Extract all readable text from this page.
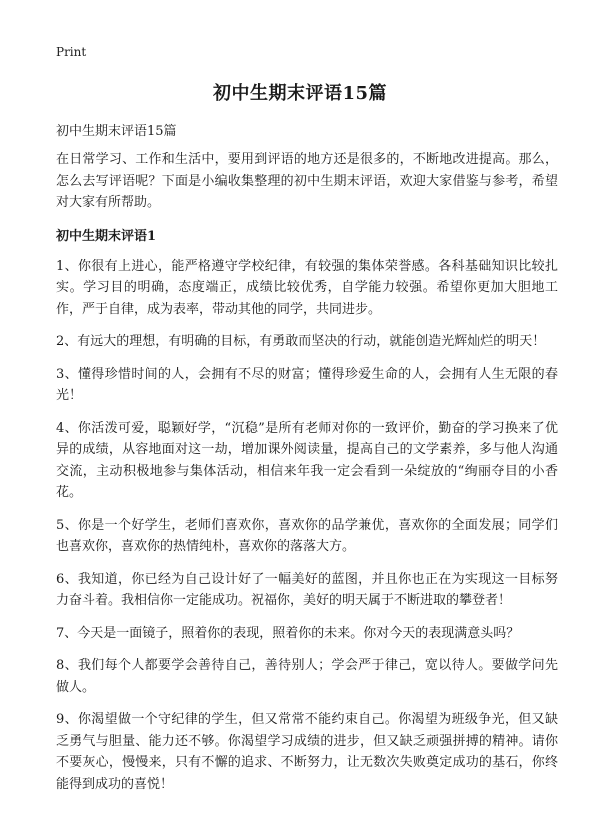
Print
初中生期末评语15篇

初中生期末评语15篇

在日常学习、工作和生活中，要用到评语的地方还是很多的，不断地改进提高。那么，怎么去写评语呢？下面是小编收集整理的初中生期末评语，欢迎大家借鉴与参考，希望对大家有所帮助。

初中生期末评语1

1、你很有上进心，能严格遵守学校纪律，有较强的集体荣誉感。各科基础知识比较扎实。学习目的明确，态度端正，成绩比较优秀，自学能力较强。希望你更加大胆地工作，严于自律，成为表率，带动其他的同学，共同进步。

2、有远大的理想，有明确的目标，有勇敢而坚决的行动，就能创造光辉灿烂的明天！

3、懂得珍惜时间的人，会拥有不尽的财富；懂得珍爱生命的人，会拥有人生无限的春光！

4、你活泼可爱，聪颖好学，“沉稳”是所有老师对你的一致评价，勤奋的学习换来了优异的成绩，从容地面对这一劫，增加课外阅读量，提高自己的文学素养，多与他人沟通交流，主动积极地参与集体活动，相信来年我一定会看到一朵绽放的“绚丽夺目的小香花。

5、你是一个好学生，老师们喜欢你，喜欢你的品学兼优，喜欢你的全面发展；同学们也喜欢你，喜欢你的热情纯朴，喜欢你的落落大方。

6、我知道，你已经为自己设计好了一幅美好的蓝图，并且你也正在为实现这一目标努力奋斗着。我相信你一定能成功。祝福你，美好的明天属于不断进取的攀登者！

7、今天是一面镜子，照着你的表现，照着你的未来。你对今天的表现满意头吗？

8、我们每个人都要学会善待自己，善待别人；学会严于律己，宽以待人。要做学问先做人。

9、你渴望做一个守纪律的学生，但又常常不能约束自己。你渴望为班级争光，但又缺乏勇气与胆量、能力还不够。你渴望学习成绩的进步，但又缺乏顽强拼搏的精神。请你不要灰心，慢慢来，只有不懈的追求、不断努力，让无数次失败奠定成功的基石，你终能得到成功的喜悦！
